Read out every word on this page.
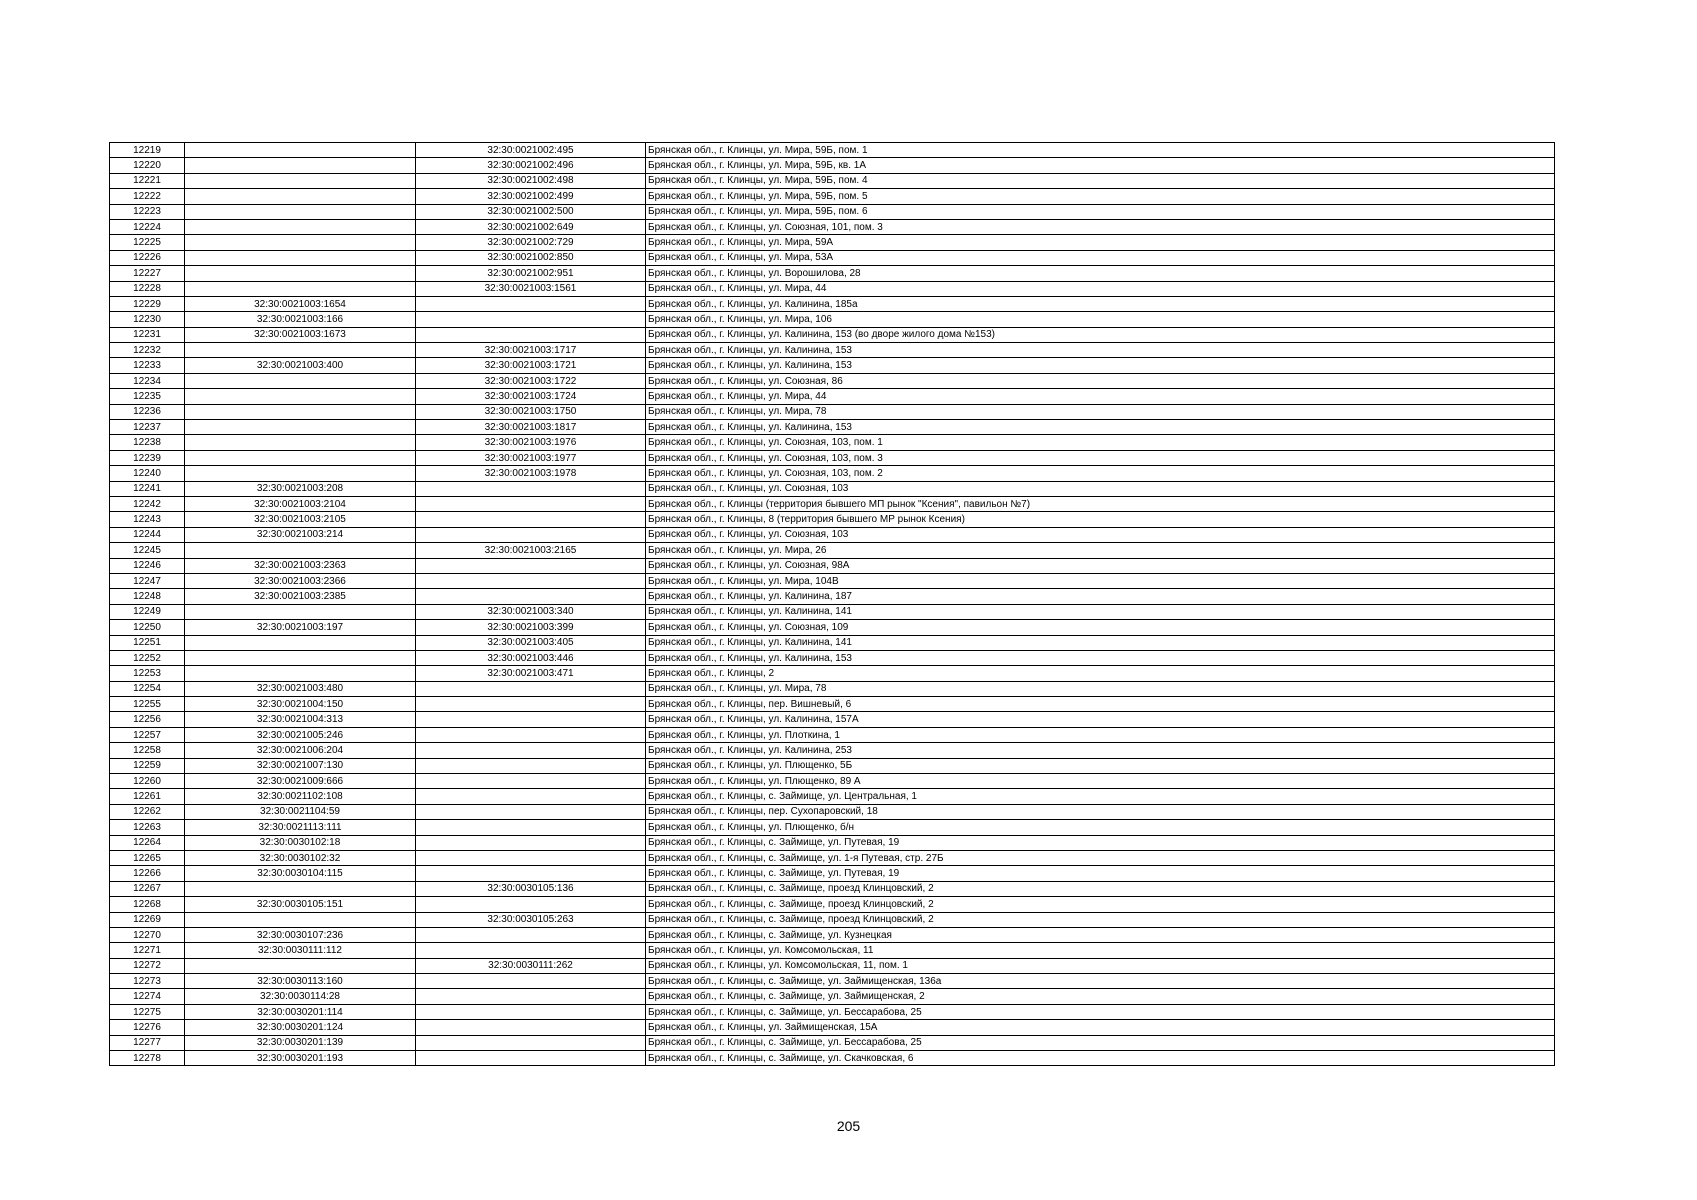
12219		32:30:0021002:495	Брянская обл., г. Клинцы, ул. Мира, 59Б, пом. 1
12220		32:30:0021002:496	Брянская обл., г. Клинцы, ул. Мира, 59Б, кв. 1А
12221		32:30:0021002:498	Брянская обл., г. Клинцы, ул. Мира, 59Б, пом. 4
12222		32:30:0021002:499	Брянская обл., г. Клинцы, ул. Мира, 59Б, пом. 5
12223		32:30:0021002:500	Брянская обл., г. Клинцы, ул. Мира, 59Б, пом. 6
12224		32:30:0021002:649	Брянская обл., г. Клинцы, ул. Союзная, 101, пом. 3
12225		32:30:0021002:729	Брянская обл., г. Клинцы, ул. Мира, 59А
12226		32:30:0021002:850	Брянская обл., г. Клинцы, ул. Мира, 53А
12227		32:30:0021002:951	Брянская обл., г. Клинцы, ул. Ворошилова, 28
12228		32:30:0021003:1561	Брянская обл., г. Клинцы, ул. Мира, 44
12229	32:30:0021003:1654		Брянская обл., г. Клинцы, ул. Калинина, 185а
12230	32:30:0021003:166		Брянская обл., г. Клинцы, ул. Мира, 106
12231	32:30:0021003:1673		Брянская обл., г. Клинцы, ул. Калинина, 153 (во дворе жилого дома №153)
12232		32:30:0021003:1717	Брянская обл., г. Клинцы, ул. Калинина, 153
12233	32:30:0021003:400	32:30:0021003:1721	Брянская обл., г. Клинцы, ул. Калинина, 153
12234		32:30:0021003:1722	Брянская обл., г. Клинцы, ул. Союзная, 86
12235		32:30:0021003:1724	Брянская обл., г. Клинцы, ул. Мира, 44
12236		32:30:0021003:1750	Брянская обл., г. Клинцы, ул. Мира, 78
12237		32:30:0021003:1817	Брянская обл., г. Клинцы, ул. Калинина, 153
12238		32:30:0021003:1976	Брянская обл., г. Клинцы, ул. Союзная, 103, пом. 1
12239		32:30:0021003:1977	Брянская обл., г. Клинцы, ул. Союзная, 103, пом. 3
12240		32:30:0021003:1978	Брянская обл., г. Клинцы, ул. Союзная, 103, пом. 2
12241	32:30:0021003:208		Брянская обл., г. Клинцы, ул. Союзная, 103
12242	32:30:0021003:2104		Брянская обл., г. Клинцы (территория бывшего МП рынок "Ксения", павильон №7)
12243	32:30:0021003:2105		Брянская обл., г. Клинцы, 8 (территория бывшего МР рынок Ксения)
12244	32:30:0021003:214		Брянская обл., г. Клинцы, ул. Союзная, 103
12245		32:30:0021003:2165	Брянская обл., г. Клинцы, ул. Мира, 26
12246	32:30:0021003:2363		Брянская обл., г. Клинцы, ул. Союзная, 98А
12247	32:30:0021003:2366		Брянская обл., г. Клинцы, ул. Мира, 104В
12248	32:30:0021003:2385		Брянская обл., г. Клинцы, ул. Калинина, 187
12249		32:30:0021003:340	Брянская обл., г. Клинцы, ул. Калинина, 141
12250	32:30:0021003:197	32:30:0021003:399	Брянская обл., г. Клинцы, ул. Союзная, 109
12251		32:30:0021003:405	Брянская обл., г. Клинцы, ул. Калинина, 141
12252		32:30:0021003:446	Брянская обл., г. Клинцы, ул. Калинина, 153
12253		32:30:0021003:471	Брянская обл., г. Клинцы, 2
12254	32:30:0021003:480		Брянская обл., г. Клинцы, ул. Мира, 78
12255	32:30:0021004:150		Брянская обл., г. Клинцы, пер. Вишневый, 6
12256	32:30:0021004:313		Брянская обл., г. Клинцы, ул. Калинина, 157А
12257	32:30:0021005:246		Брянская обл., г. Клинцы, ул. Плоткина, 1
12258	32:30:0021006:204		Брянская обл., г. Клинцы, ул. Калинина, 253
12259	32:30:0021007:130		Брянская обл., г. Клинцы, ул. Плющенко, 5Б
12260	32:30:0021009:666		Брянская обл., г. Клинцы, ул. Плющенко, 89 А
12261	32:30:0021102:108		Брянская обл., г. Клинцы, с. Займище, ул. Центральная, 1
12262	32:30:0021104:59		Брянская обл., г. Клинцы, пер. Сухопаровский, 18
12263	32:30:0021113:111		Брянская обл., г. Клинцы, ул. Плющенко, б/н
12264	32:30:0030102:18		Брянская обл., г. Клинцы, с. Займище, ул. Путевая, 19
12265	32:30:0030102:32		Брянская обл., г. Клинцы, с. Займище, ул. 1-я Путевая, стр. 27Б
12266	32:30:0030104:115		Брянская обл., г. Клинцы, с. Займище, ул. Путевая, 19
12267		32:30:0030105:136	Брянская обл., г. Клинцы, с. Займище, проезд Клинцовский, 2
12268	32:30:0030105:151		Брянская обл., г. Клинцы, с. Займище, проезд Клинцовский, 2
12269		32:30:0030105:263	Брянская обл., г. Клинцы, с. Займище, проезд Клинцовский, 2
12270	32:30:0030107:236		Брянская обл., г. Клинцы, с. Займище, ул. Кузнецкая
12271	32:30:0030111:112		Брянская обл., г. Клинцы, ул. Комсомольская, 11
12272		32:30:0030111:262	Брянская обл., г. Клинцы, ул. Комсомольская, 11, пом. 1
12273	32:30:0030113:160		Брянская обл., г. Клинцы, с. Займище, ул. Займищенская, 136а
12274	32:30:0030114:28		Брянская обл., г. Клинцы, с. Займище, ул. Займищенская, 2
12275	32:30:0030201:114		Брянская обл., г. Клинцы, с. Займище, ул. Бессарабова, 25
12276	32:30:0030201:124		Брянская обл., г. Клинцы, ул. Займищенская, 15А
12277	32:30:0030201:139		Брянская обл., г. Клинцы, с. Займище, ул. Бессарабова, 25
12278	32:30:0030201:193		Брянская обл., г. Клинцы, с. Займище, ул. Скачковская, 6
205
